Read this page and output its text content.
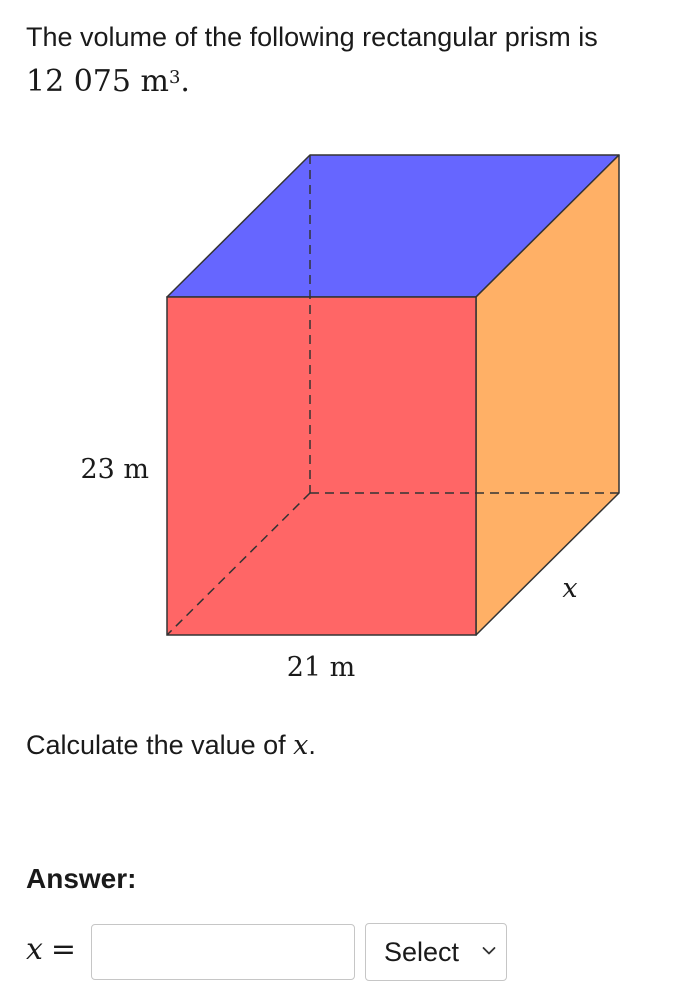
The volume of the following rectangular prism is
12 075 $m^3$.
23 m
21 m
x
Calculate the value of x.
Answer:
x =	Select
